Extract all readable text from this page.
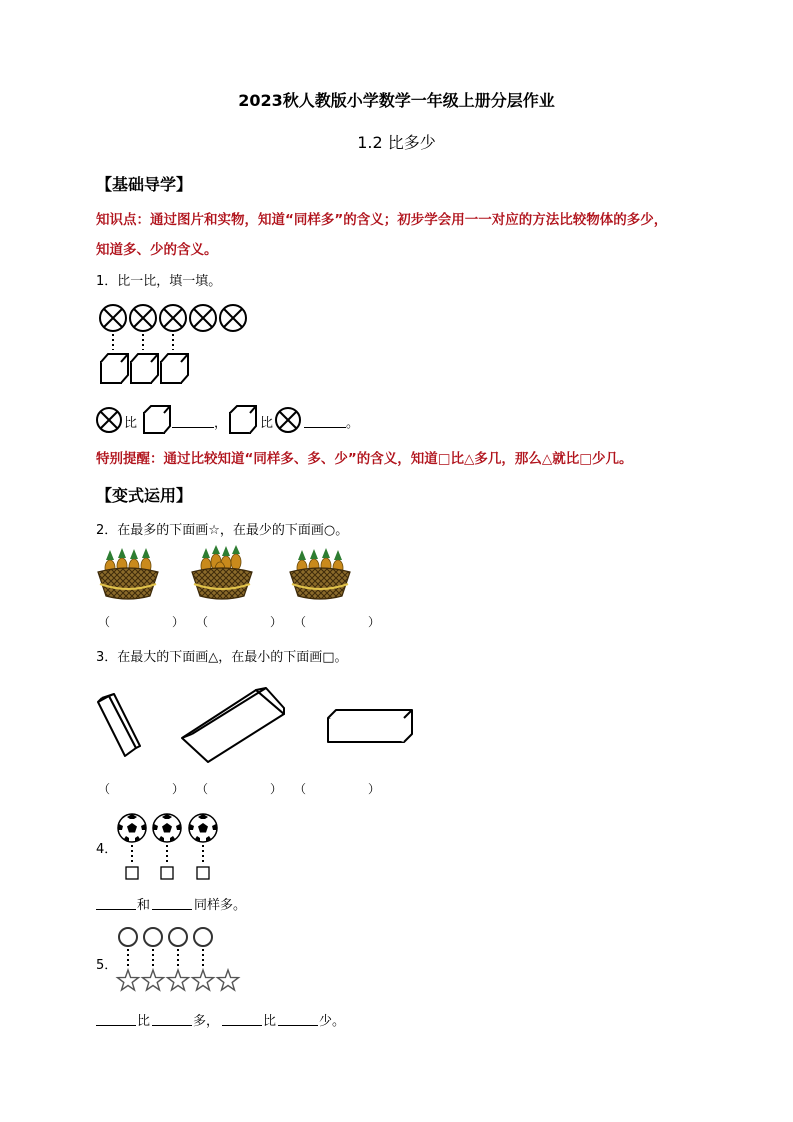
2023秋人教版小学数学一年级上册分层作业
1.2 比多少
【基础导学】
知识点：通过图片和实物，知道“同样多”的含义；初步学会用一一对应的方法比较物体的多少，
知道多、少的含义。
1．比一比，填一填。
比	，	比	。
特别提醒：通过比较知道“同样多、多、少”的含义，知道□比△多几，那么△就比□少几。
【变式运用】
2．在最多的下面画☆，在最少的下面画○。
（	） （	） （	）
3．在最大的下面画△，在最小的下面画□。
（	） （	） （	）
4．
和	同样多。
5．
比	多，	比	少。
